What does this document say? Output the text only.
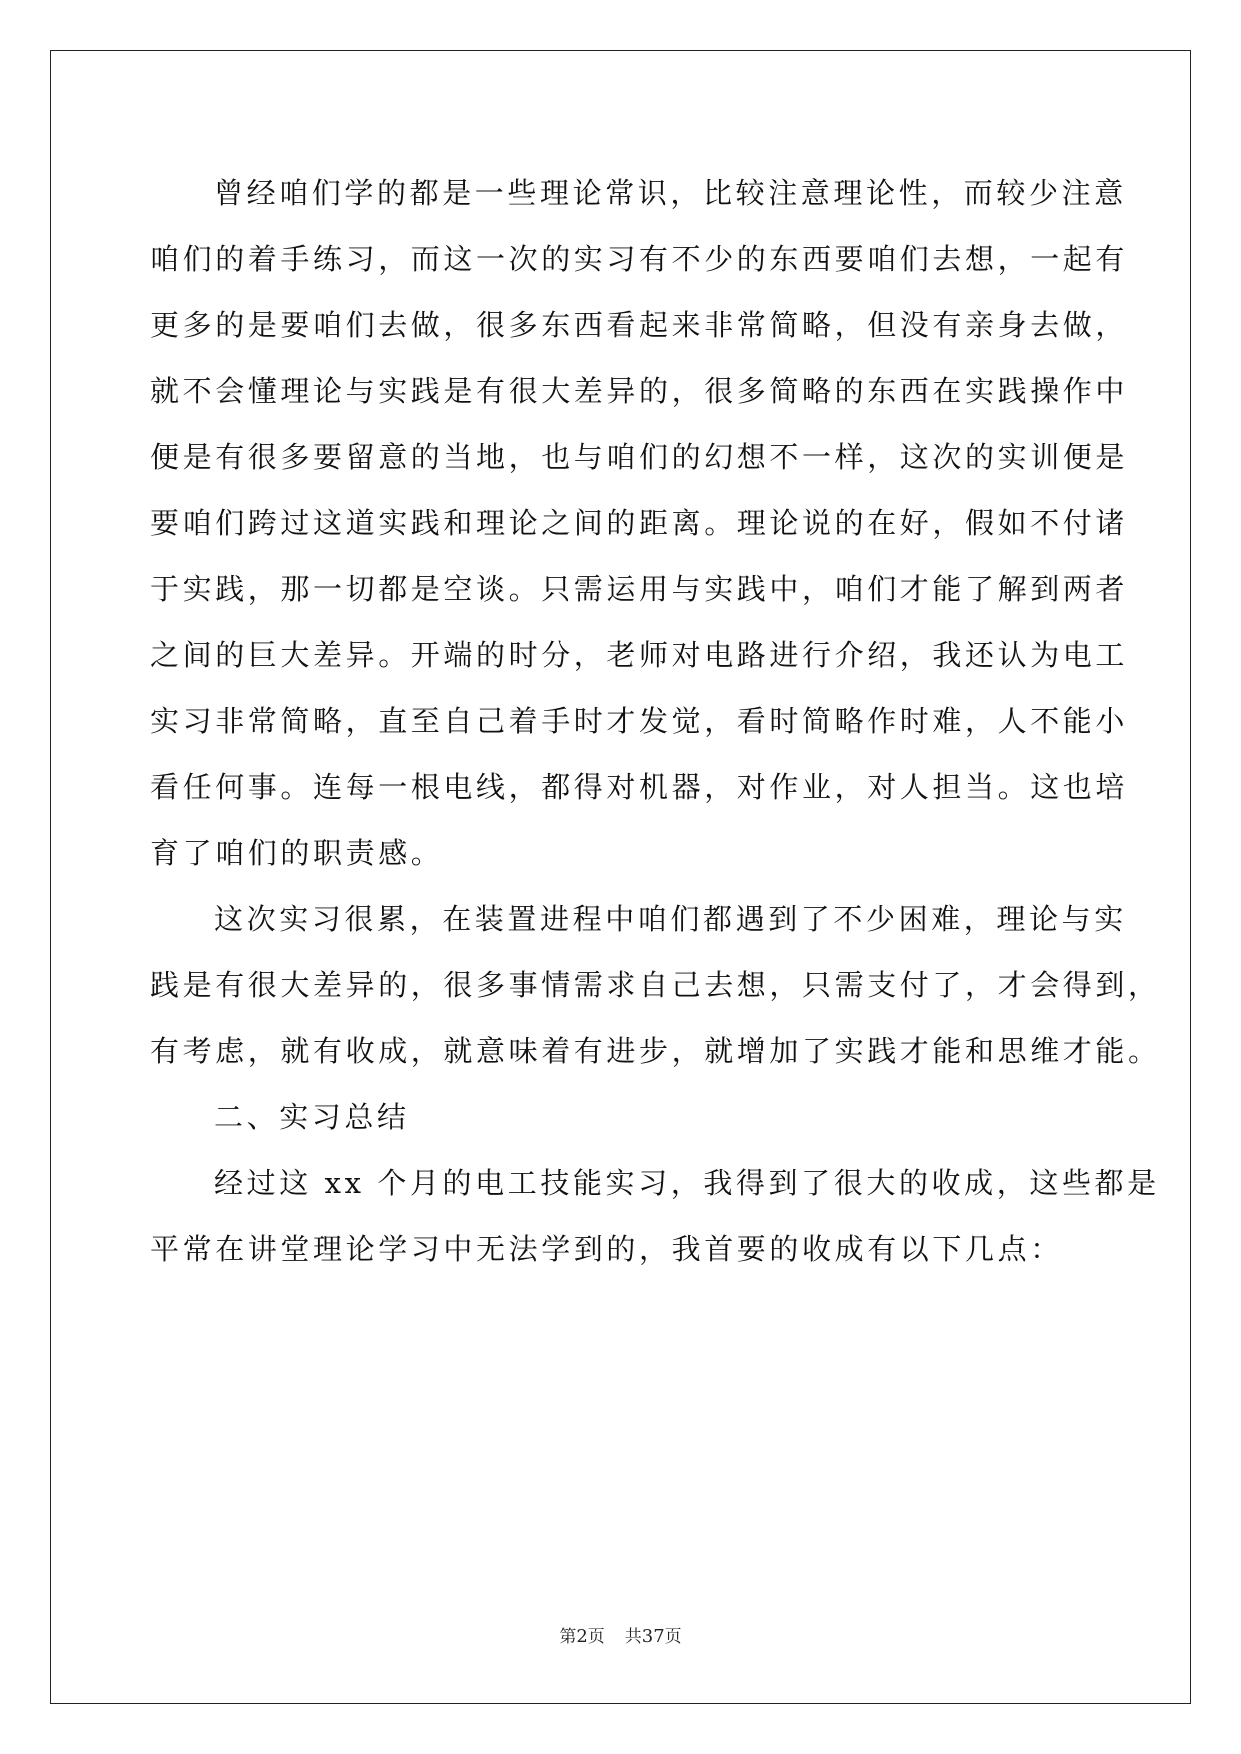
曾经咱们学的都是一些理论常识，比较注意理论性，而较少注意
咱们的着手练习，而这一次的实习有不少的东西要咱们去想，一起有
更多的是要咱们去做，很多东西看起来非常简略，但没有亲身去做，
就不会懂理论与实践是有很大差异的，很多简略的东西在实践操作中
便是有很多要留意的当地，也与咱们的幻想不一样，这次的实训便是
要咱们跨过这道实践和理论之间的距离。理论说的在好，假如不付诸
于实践，那一切都是空谈。只需运用与实践中，咱们才能了解到两者
之间的巨大差异。开端的时分，老师对电路进行介绍，我还认为电工
实习非常简略，直至自己着手时才发觉，看时简略作时难，人不能小
看任何事。连每一根电线，都得对机器，对作业，对人担当。这也培
育了咱们的职责感。
这次实习很累，在装置进程中咱们都遇到了不少困难，理论与实
践是有很大差异的，很多事情需求自己去想，只需支付了，才会得到，
有考虑，就有收成，就意味着有进步，就增加了实践才能和思维才能。
二、实习总结
经过这 xx 个月的电工技能实习，我得到了很大的收成，这些都是
平常在讲堂理论学习中无法学到的，我首要的收成有以下几点：
第2页 共37页
